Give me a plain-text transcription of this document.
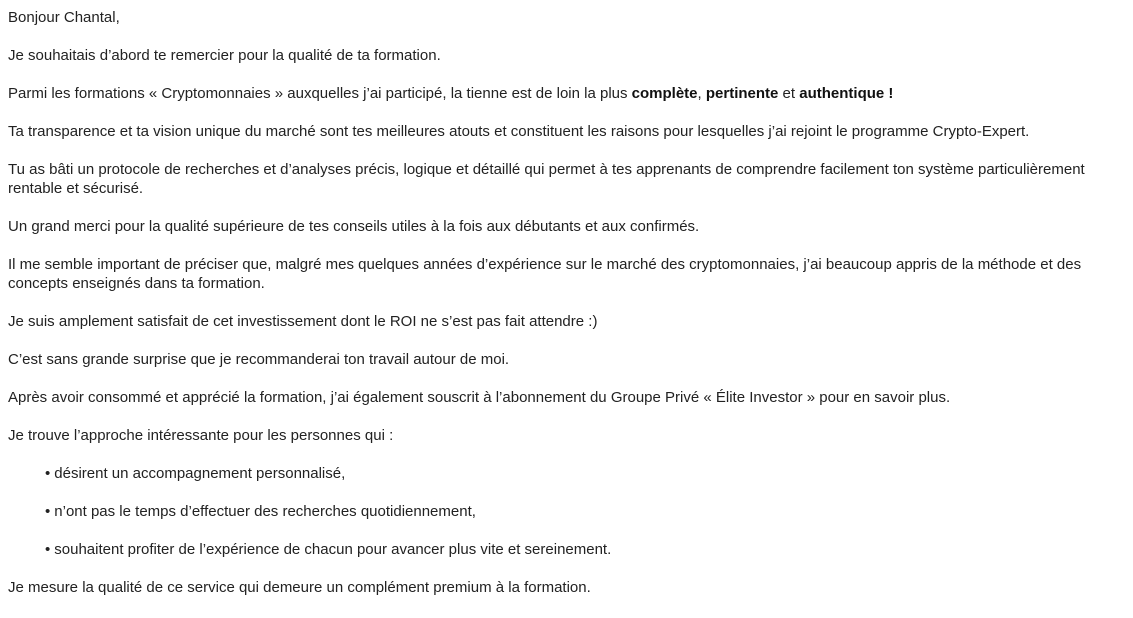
Bonjour Chantal,

Je souhaitais d’abord te remercier pour la qualité de ta formation.

Parmi les formations « Cryptomonnaies » auxquelles j’ai participé, la tienne est de loin la plus complète, pertinente et authentique !

Ta transparence et ta vision unique du marché sont tes meilleures atouts et constituent les raisons pour lesquelles j’ai rejoint le programme Crypto-Expert.

Tu as bâti un protocole de recherches et d’analyses précis, logique et détaillé qui permet à tes apprenants de comprendre facilement ton système particulièrement rentable et sécurisé.

Un grand merci pour la qualité supérieure de tes conseils utiles à la fois aux débutants et aux confirmés.

Il me semble important de préciser que, malgré mes quelques années d’expérience sur le marché des cryptomonnaies, j’ai beaucoup appris de la méthode et des concepts enseignés dans ta formation.

Je suis amplement satisfait de cet investissement dont le ROI ne s’est pas fait attendre :)

C’est sans grande surprise que je recommanderai ton travail autour de moi.

Après avoir consommé et apprécié la formation, j’ai également souscrit à l’abonnement du Groupe Privé « Élite Investor » pour en savoir plus.

Je trouve l’approche intéressante pour les personnes qui :

• désirent un accompagnement personnalisé,

• n’ont pas le temps d’effectuer des recherches quotidiennement,

• souhaitent profiter de l’expérience de chacun pour avancer plus vite et sereinement.

Je mesure la qualité de ce service qui demeure un complément premium à la formation.
